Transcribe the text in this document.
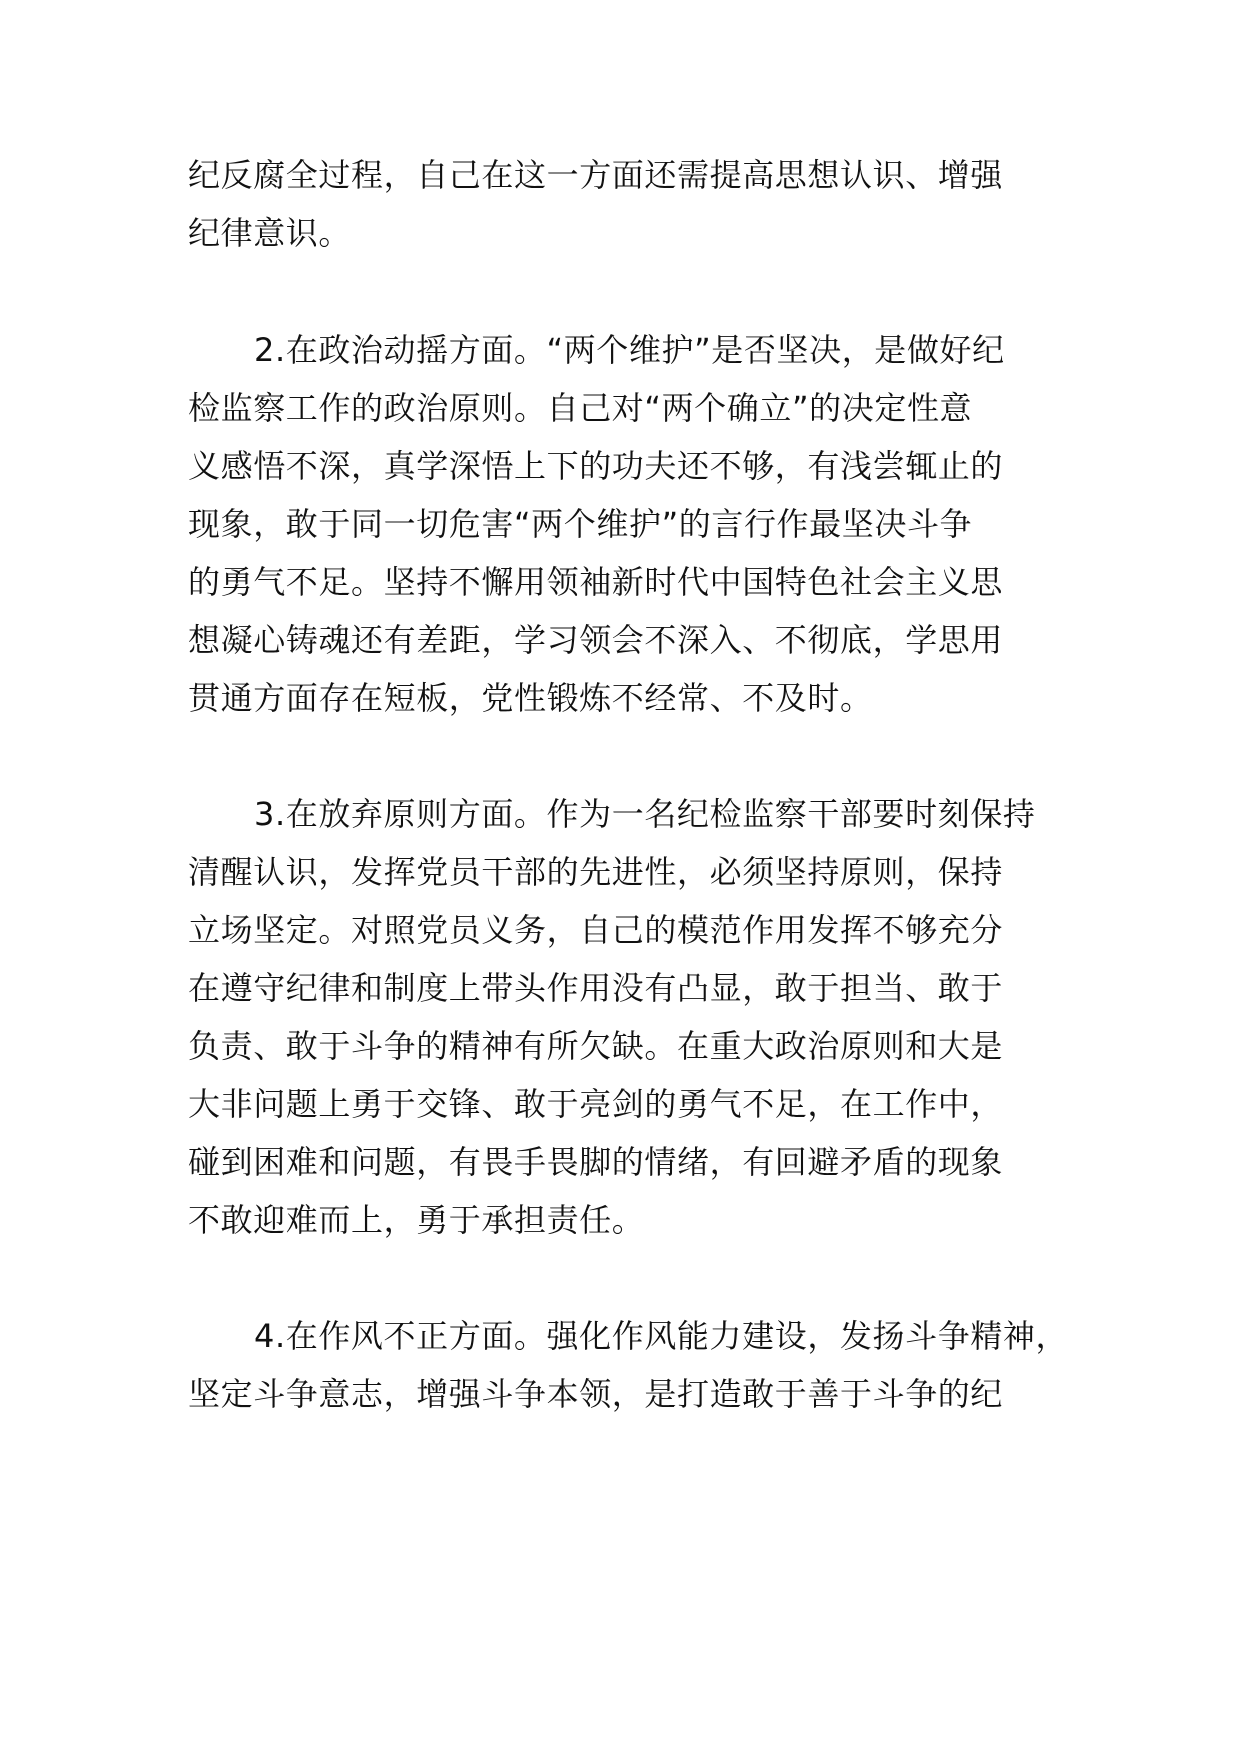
纪反腐全过程，自己在这一方面还需提高思想认识、增强
纪律意识。
2.在政治动摇方面。“两个维护”是否坚决，是做好纪
检监察工作的政治原则。自己对“两个确立”的决定性意
义感悟不深，真学深悟上下的功夫还不够，有浅尝辄止的
现象，敢于同一切危害“两个维护”的言行作最坚决斗争
的勇气不足。坚持不懈用领袖新时代中国特色社会主义思
想凝心铸魂还有差距，学习领会不深入、不彻底，学思用
贯通方面存在短板，党性锻炼不经常、不及时。
3.在放弃原则方面。作为一名纪检监察干部要时刻保持
清醒认识，发挥党员干部的先进性，必须坚持原则，保持
立场坚定。对照党员义务，自己的模范作用发挥不够充分
在遵守纪律和制度上带头作用没有凸显，敢于担当、敢于
负责、敢于斗争的精神有所欠缺。在重大政治原则和大是
大非问题上勇于交锋、敢于亮剑的勇气不足，在工作中，
碰到困难和问题，有畏手畏脚的情绪，有回避矛盾的现象
不敢迎难而上，勇于承担责任。
4.在作风不正方面。强化作风能力建设，发扬斗争精神，
坚定斗争意志，增强斗争本领，是打造敢于善于斗争的纪
